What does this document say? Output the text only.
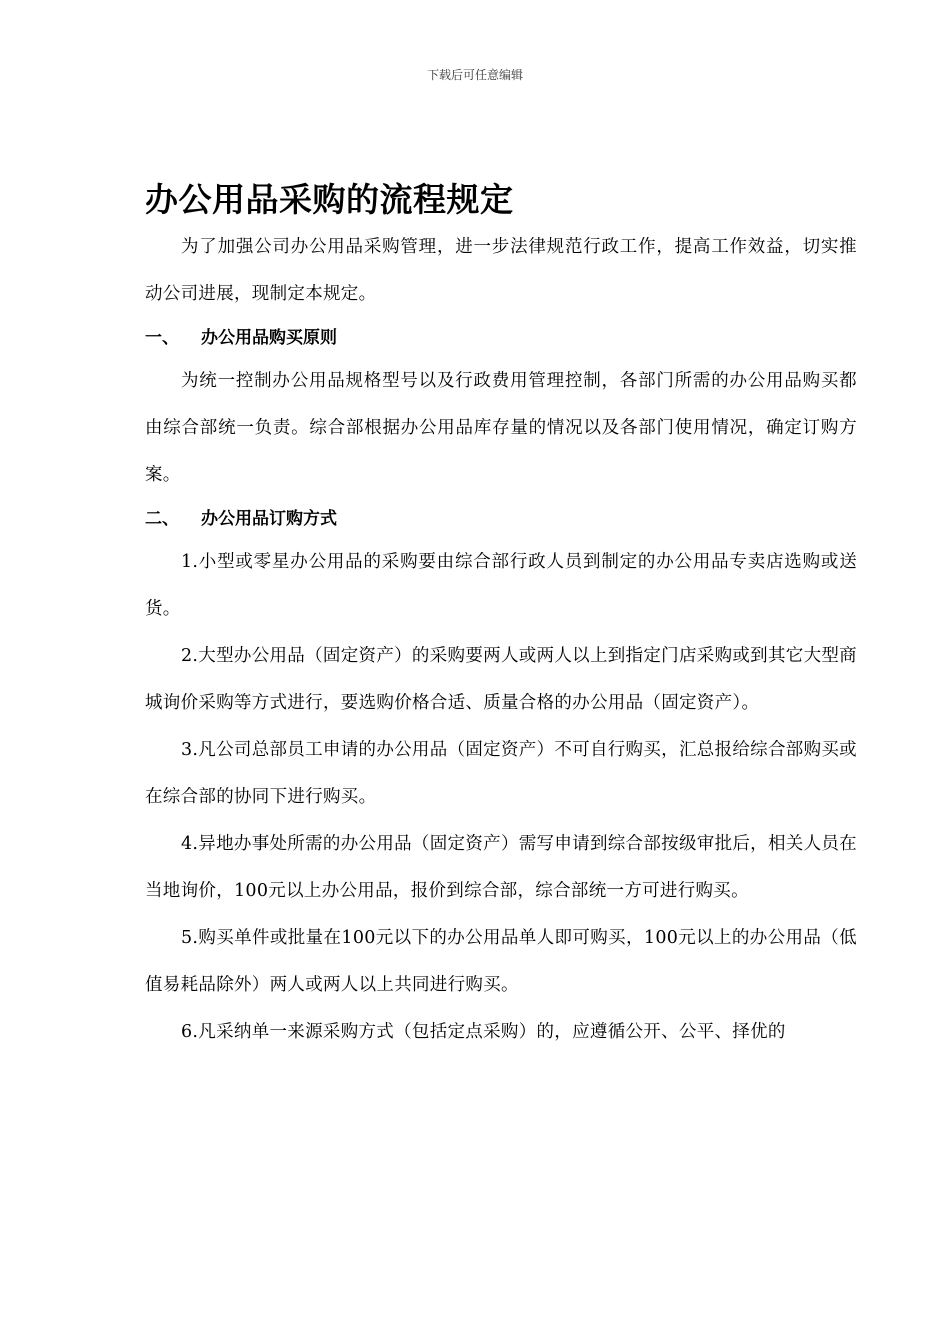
下载后可任意编辑
办公用品采购的流程规定

为了加强公司办公用品采购管理，进一步法律规范行政工作，提高工作效益，切实推动公司进展，现制定本规定。

一、	办公用品购买原则

为统一控制办公用品规格型号以及行政费用管理控制，各部门所需的办公用品购买都由综合部统一负责。综合部根据办公用品库存量的情况以及各部门使用情况，确定订购方案。

二、	办公用品订购方式

1.小型或零星办公用品的采购要由综合部行政人员到制定的办公用品专卖店选购或送货。

2.大型办公用品（固定资产）的采购要两人或两人以上到指定门店采购或到其它大型商城询价采购等方式进行，要选购价格合适、质量合格的办公用品（固定资产）。

3.凡公司总部员工申请的办公用品（固定资产）不可自行购买，汇总报给综合部购买或在综合部的协同下进行购买。

4.异地办事处所需的办公用品（固定资产）需写申请到综合部按级审批后，相关人员在当地询价，100元以上办公用品，报价到综合部，综合部统一方可进行购买。

5.购买单件或批量在100元以下的办公用品单人即可购买，100元以上的办公用品（低值易耗品除外）两人或两人以上共同进行购买。

6.凡采纳单一来源采购方式（包括定点采购）的，应遵循公开、公平、择优的
